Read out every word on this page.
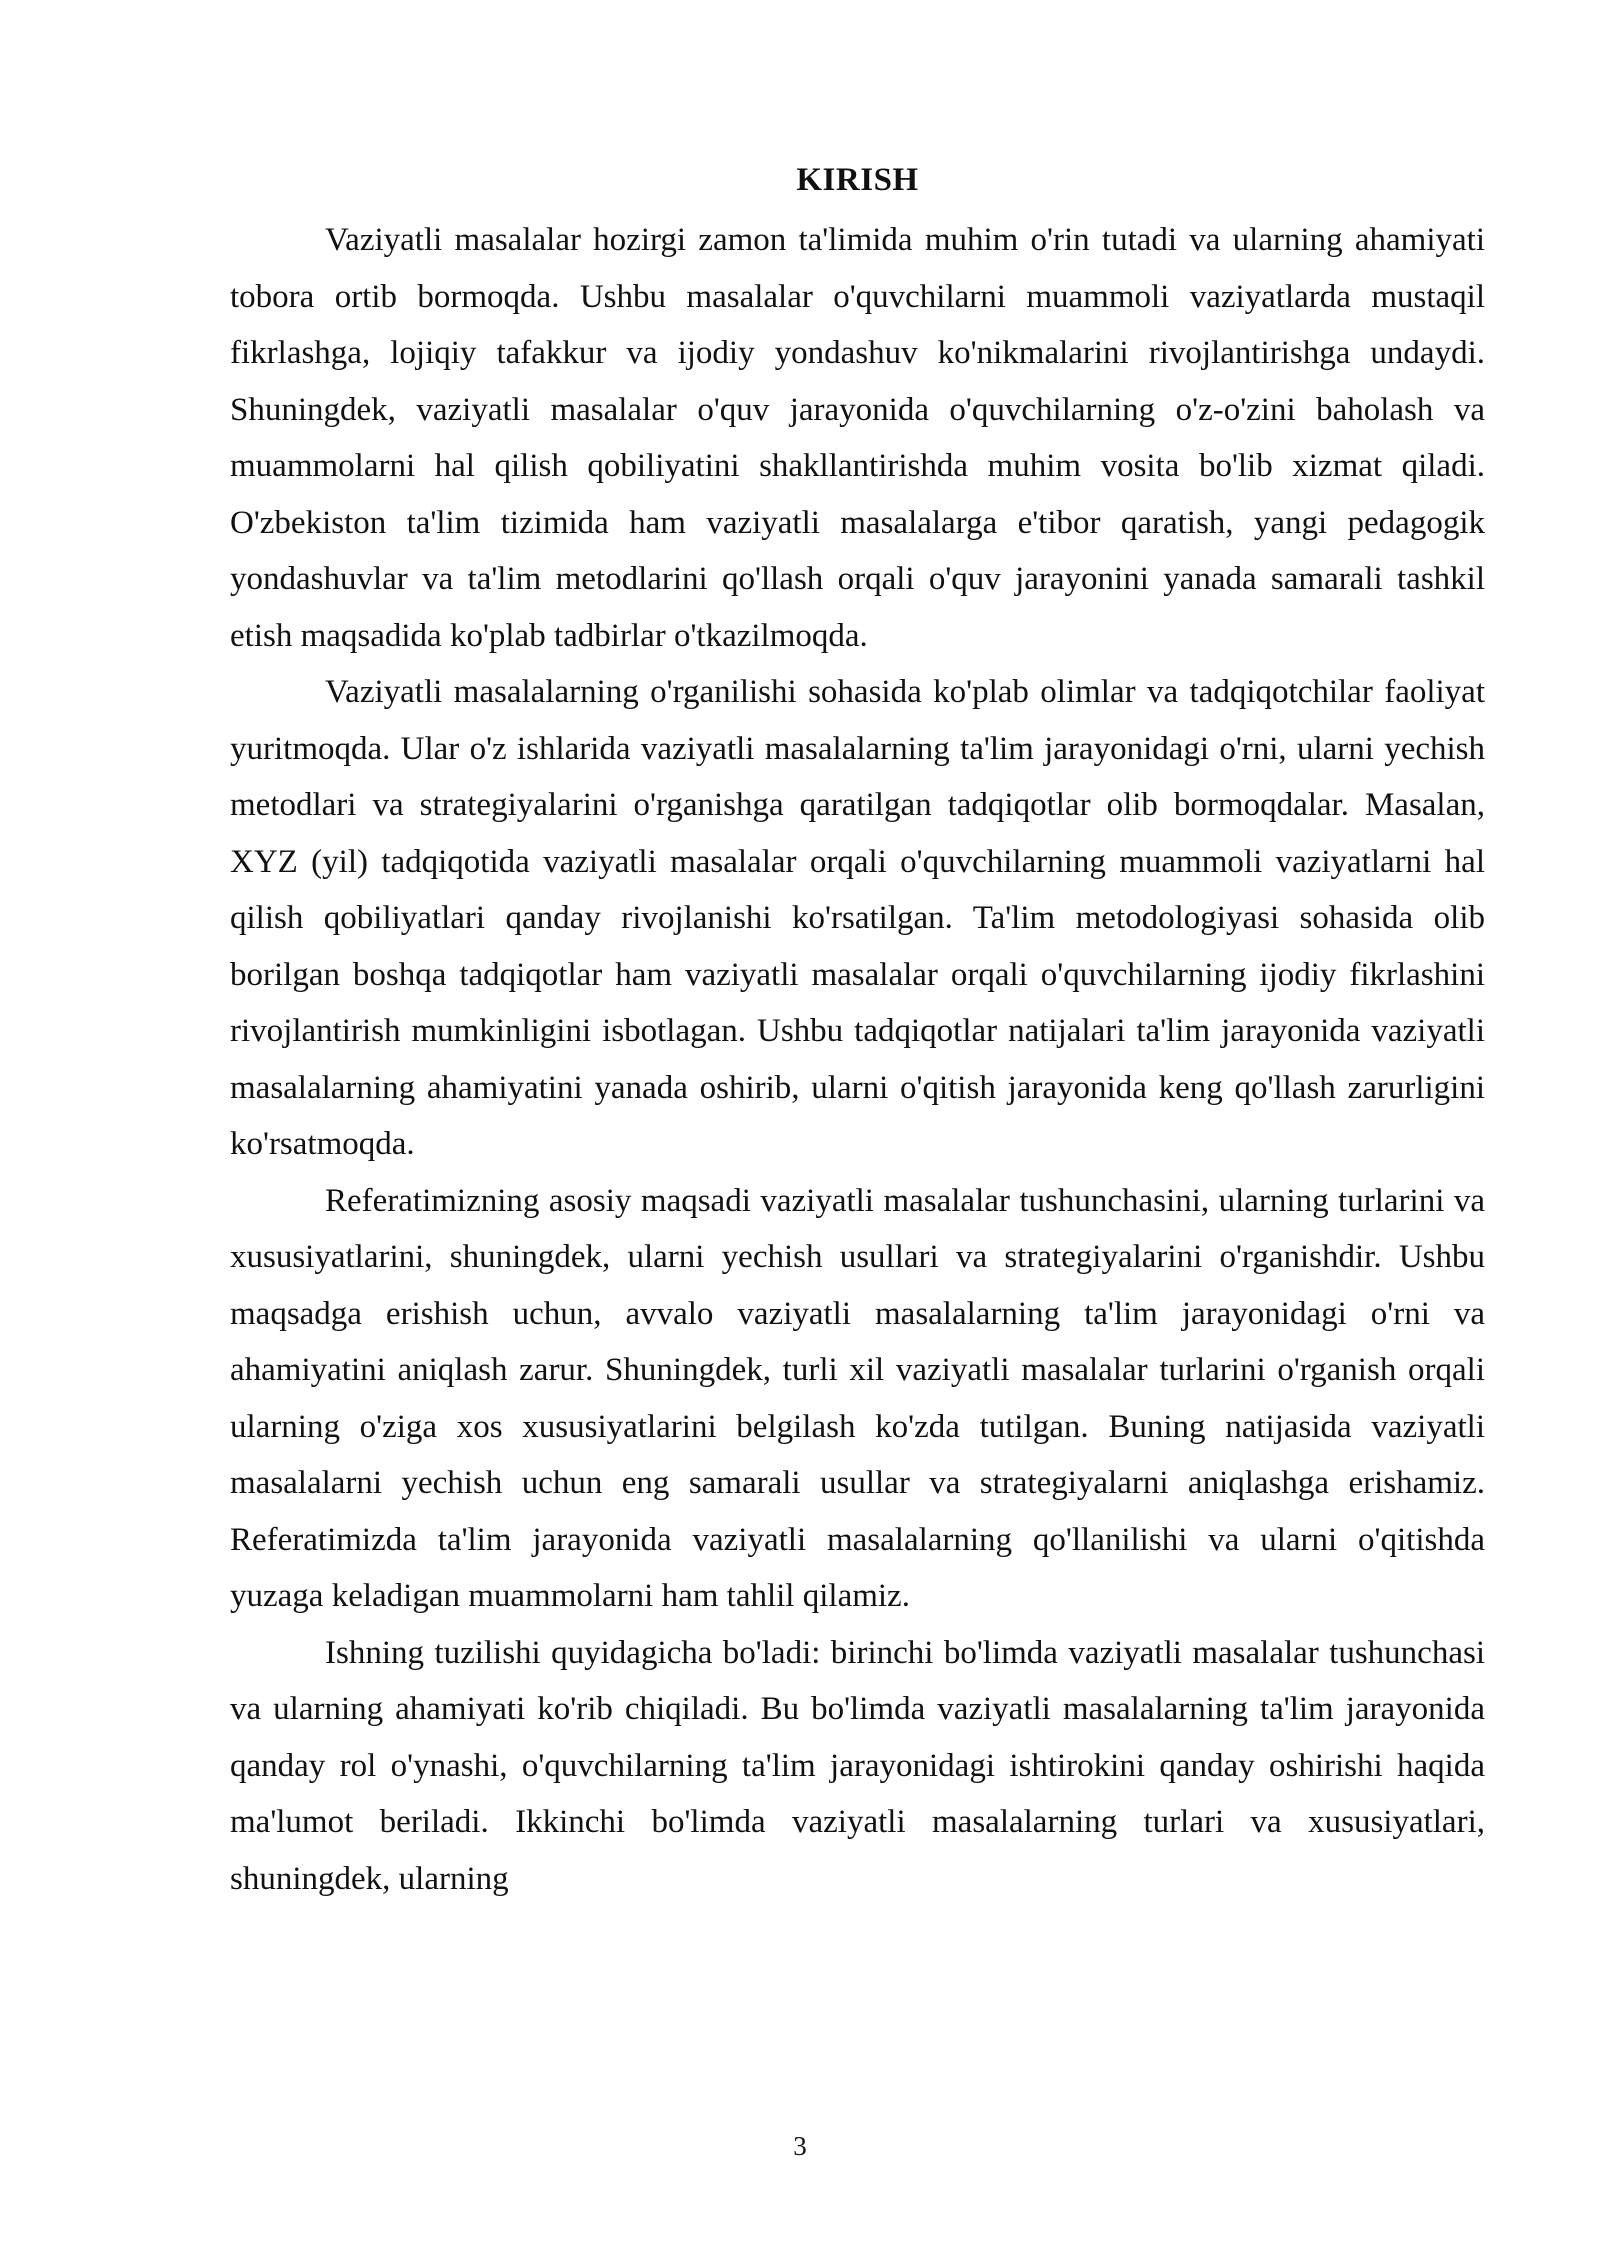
KIRISH

Vaziyatli masalalar hozirgi zamon ta'limida muhim o'rin tutadi va ularning ahamiyati tobora ortib bormoqda. Ushbu masalalar o'quvchilarni muammoli vaziyatlarda mustaqil fikrlashga, lojiqiy tafakkur va ijodiy yondashuv ko'nikmalarini rivojlantirishga undaydi. Shuningdek, vaziyatli masalalar o'quv jarayonida o'quvchilarning o'z-o'zini baholash va muammolarni hal qilish qobiliyatini shakllantirishda muhim vosita bo'lib xizmat qiladi. O'zbekiston ta'lim tizimida ham vaziyatli masalalarga e'tibor qaratish, yangi pedagogik yondashuvlar va ta'lim metodlarini qo'llash orqali o'quv jarayonini yanada samarali tashkil etish maqsadida ko'plab tadbirlar o'tkazilmoqda.

Vaziyatli masalalarning o'rganilishi sohasida ko'plab olimlar va tadqiqotchilar faoliyat yuritmoqda. Ular o'z ishlarida vaziyatli masalalarning ta'lim jarayonidagi o'rni, ularni yechish metodlari va strategiyalarini o'rganishga qaratilgan tadqiqotlar olib bormoqdalar. Masalan, XYZ (yil) tadqiqotida vaziyatli masalalar orqali o'quvchilarning muammoli vaziyatlarni hal qilish qobiliyatlari qanday rivojlanishi ko'rsatilgan. Ta'lim metodologiyasi sohasida olib borilgan boshqa tadqiqotlar ham vaziyatli masalalar orqali o'quvchilarning ijodiy fikrlashini rivojlantirish mumkinligini isbotlagan. Ushbu tadqiqotlar natijalari ta'lim jarayonida vaziyatli masalalarning ahamiyatini yanada oshirib, ularni o'qitish jarayonida keng qo'llash zarurligini ko'rsatmoqda.

Referatimizning asosiy maqsadi vaziyatli masalalar tushunchasini, ularning turlarini va xususiyatlarini, shuningdek, ularni yechish usullari va strategiyalarini o'rganishdir. Ushbu maqsadga erishish uchun, avvalo vaziyatli masalalarning ta'lim jarayonidagi o'rni va ahamiyatini aniqlash zarur. Shuningdek, turli xil vaziyatli masalalar turlarini o'rganish orqali ularning o'ziga xos xususiyatlarini belgilash ko'zda tutilgan. Buning natijasida vaziyatli masalalarni yechish uchun eng samarali usullar va strategiyalarni aniqlashga erishamiz. Referatimizda ta'lim jarayonida vaziyatli masalalarning qo'llanilishi va ularni o'qitishda yuzaga keladigan muammolarni ham tahlil qilamiz.

Ishning tuzilishi quyidagicha bo'ladi: birinchi bo'limda vaziyatli masalalar tushunchasi va ularning ahamiyati ko'rib chiqiladi. Bu bo'limda vaziyatli masalalarning ta'lim jarayonida qanday rol o'ynashi, o'quvchilarning ta'lim jarayonidagi ishtirokini qanday oshirishi haqida ma'lumot beriladi. Ikkinchi bo'limda vaziyatli masalalarning turlari va xususiyatlari, shuningdek, ularning

3
